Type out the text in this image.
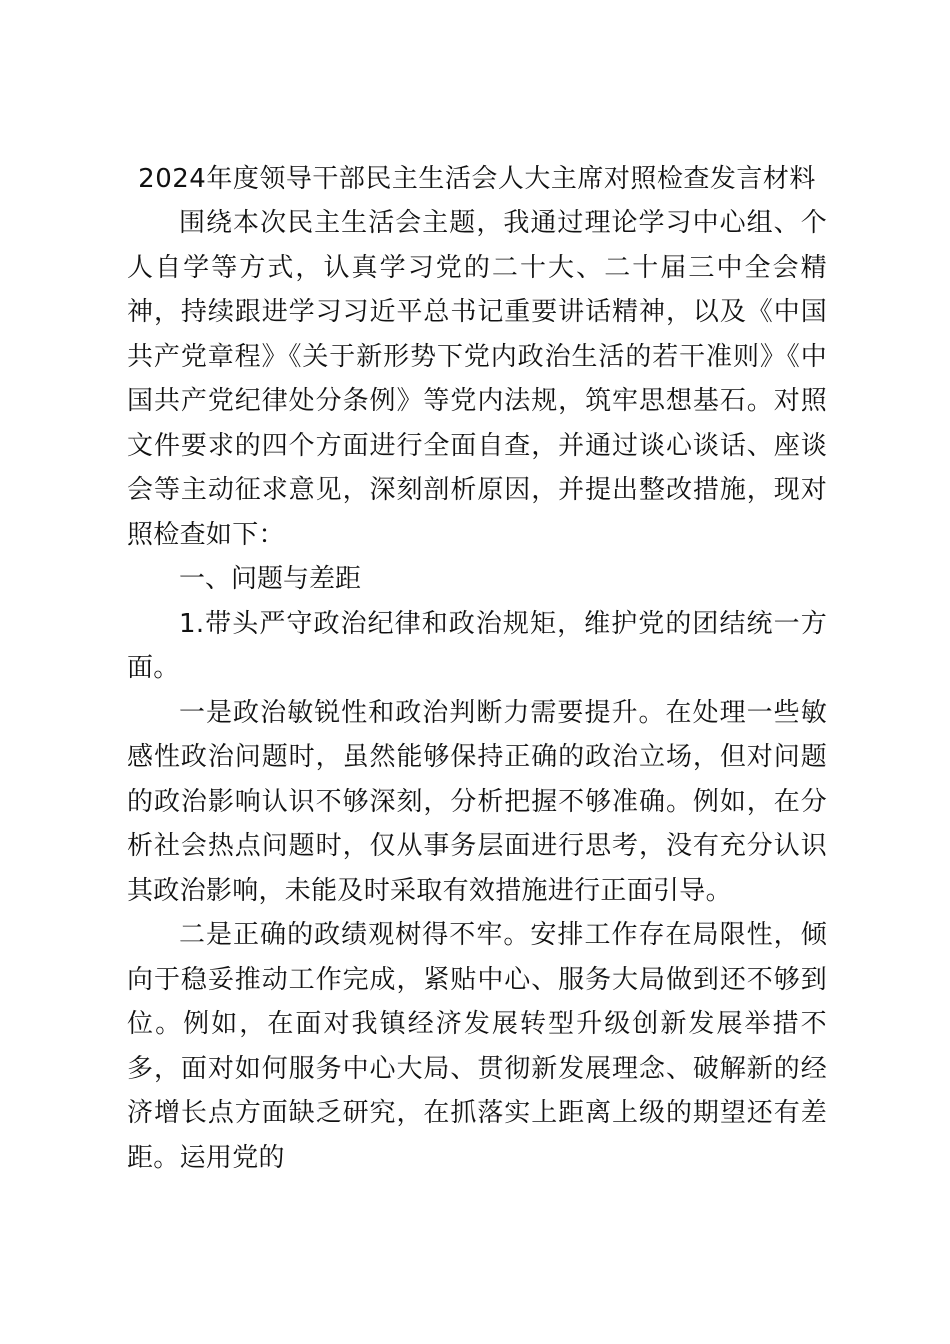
2024年度领导干部民主生活会人大主席对照检查发言材料

围绕本次民主生活会主题，我通过理论学习中心组、个人自学等方式，认真学习党的二十大、二十届三中全会精神，持续跟进学习习近平总书记重要讲话精神，以及《中国共产党章程》《关于新形势下党内政治生活的若干准则》《中国共产党纪律处分条例》等党内法规，筑牢思想基石。对照文件要求的四个方面进行全面自查，并通过谈心谈话、座谈会等主动征求意见，深刻剖析原因，并提出整改措施，现对照检查如下：

一、问题与差距

1.带头严守政治纪律和政治规矩，维护党的团结统一方面。

一是政治敏锐性和政治判断力需要提升。在处理一些敏感性政治问题时，虽然能够保持正确的政治立场，但对问题的政治影响认识不够深刻，分析把握不够准确。例如，在分析社会热点问题时，仅从事务层面进行思考，没有充分认识其政治影响，未能及时采取有效措施进行正面引导。

二是正确的政绩观树得不牢。安排工作存在局限性，倾向于稳妥推动工作完成，紧贴中心、服务大局做到还不够到位。例如，在面对我镇经济发展转型升级创新发展举措不多，面对如何服务中心大局、贯彻新发展理念、破解新的经济增长点方面缺乏研究，在抓落实上距离上级的期望还有差距。运用党的
